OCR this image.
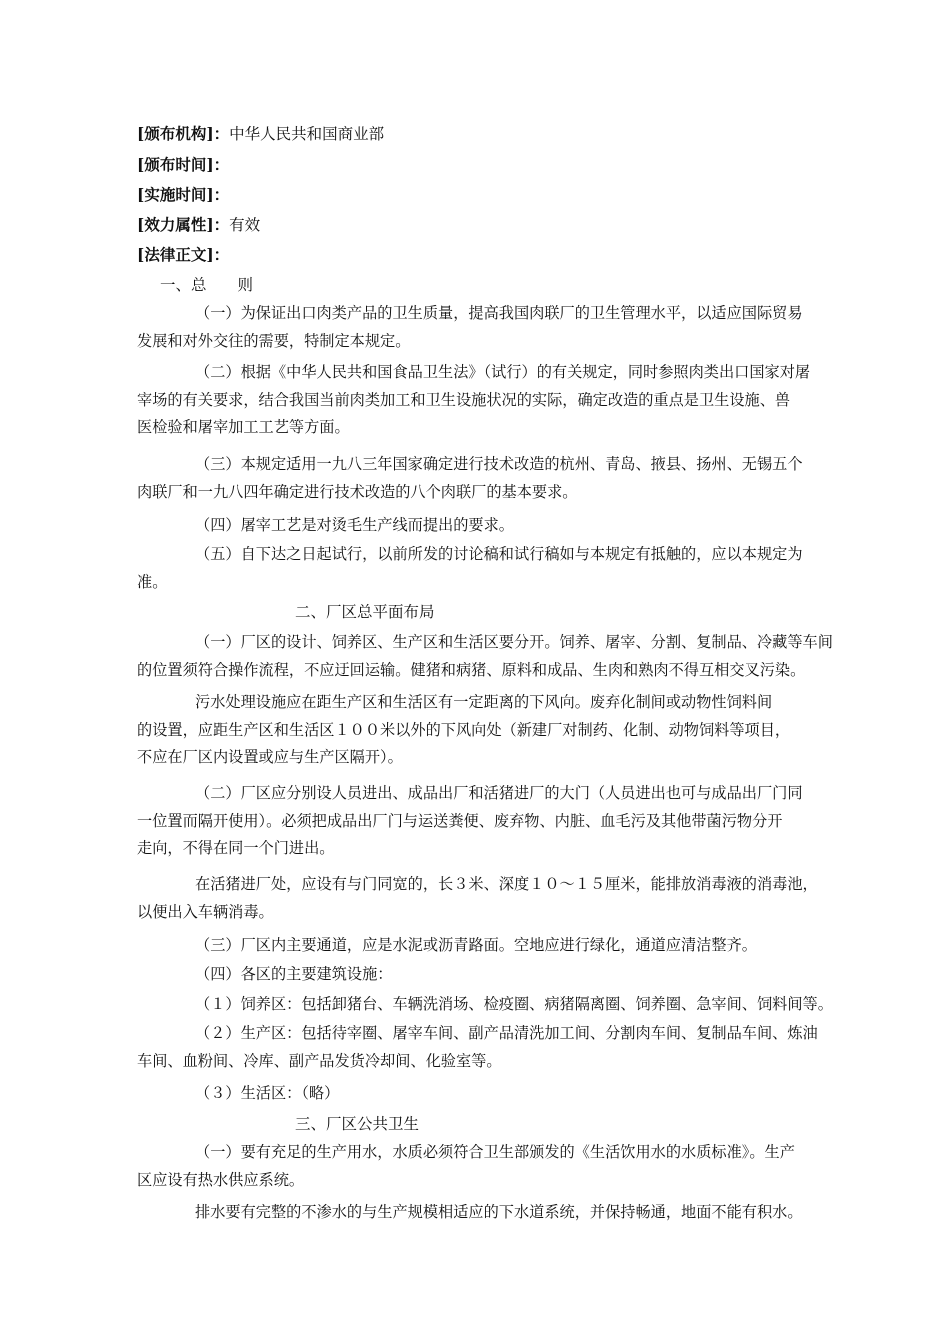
[颁布机构]：中华人民共和国商业部
[颁布时间]：
[实施时间]：
[效力属性]：有效
[法律正文]：
一、总　　则
（一）为保证出口肉类产品的卫生质量，提高我国肉联厂的卫生管理水平，以适应国际贸易
发展和对外交往的需要，特制定本规定。
（二）根据《中华人民共和国食品卫生法》（试行）的有关规定，同时参照肉类出口国家对屠
宰场的有关要求，结合我国当前肉类加工和卫生设施状况的实际，确定改造的重点是卫生设施、兽
医检验和屠宰加工工艺等方面。
（三）本规定适用一九八三年国家确定进行技术改造的杭州、青岛、掖县、扬州、无锡五个
肉联厂和一九八四年确定进行技术改造的八个肉联厂的基本要求。
（四）屠宰工艺是对烫毛生产线而提出的要求。
（五）自下达之日起试行，以前所发的讨论稿和试行稿如与本规定有抵触的，应以本规定为
准。
二、厂区总平面布局
（一）厂区的设计、饲养区、生产区和生活区要分开。饲养、屠宰、分割、复制品、冷藏等车间
的位置须符合操作流程，不应迂回运输。健猪和病猪、原料和成品、生肉和熟肉不得互相交叉污染。
污水处理设施应在距生产区和生活区有一定距离的下风向。废弃化制间或动物性饲料间
的设置，应距生产区和生活区１００米以外的下风向处（新建厂对制药、化制、动物饲料等项目，
不应在厂区内设置或应与生产区隔开）。
（二）厂区应分别设人员进出、成品出厂和活猪进厂的大门（人员进出也可与成品出厂门同
一位置而隔开使用）。必须把成品出厂门与运送粪便、废弃物、内脏、血毛污及其他带菌污物分开
走向，不得在同一个门进出。
在活猪进厂处，应设有与门同宽的，长３米、深度１０～１５厘米，能排放消毒液的消毒池，
以便出入车辆消毒。
（三）厂区内主要通道，应是水泥或沥青路面。空地应进行绿化，通道应清洁整齐。
（四）各区的主要建筑设施：
（１）饲养区：包括卸猪台、车辆洗消场、检疫圈、病猪隔离圈、饲养圈、急宰间、饲料间等。
（２）生产区：包括待宰圈、屠宰车间、副产品清洗加工间、分割肉车间、复制品车间、炼油
车间、血粉间、冷库、副产品发货冷却间、化验室等。
（３）生活区：（略）
三、厂区公共卫生
（一）要有充足的生产用水，水质必须符合卫生部颁发的《生活饮用水的水质标准》。生产
区应设有热水供应系统。
排水要有完整的不渗水的与生产规模相适应的下水道系统，并保持畅通，地面不能有积水。
